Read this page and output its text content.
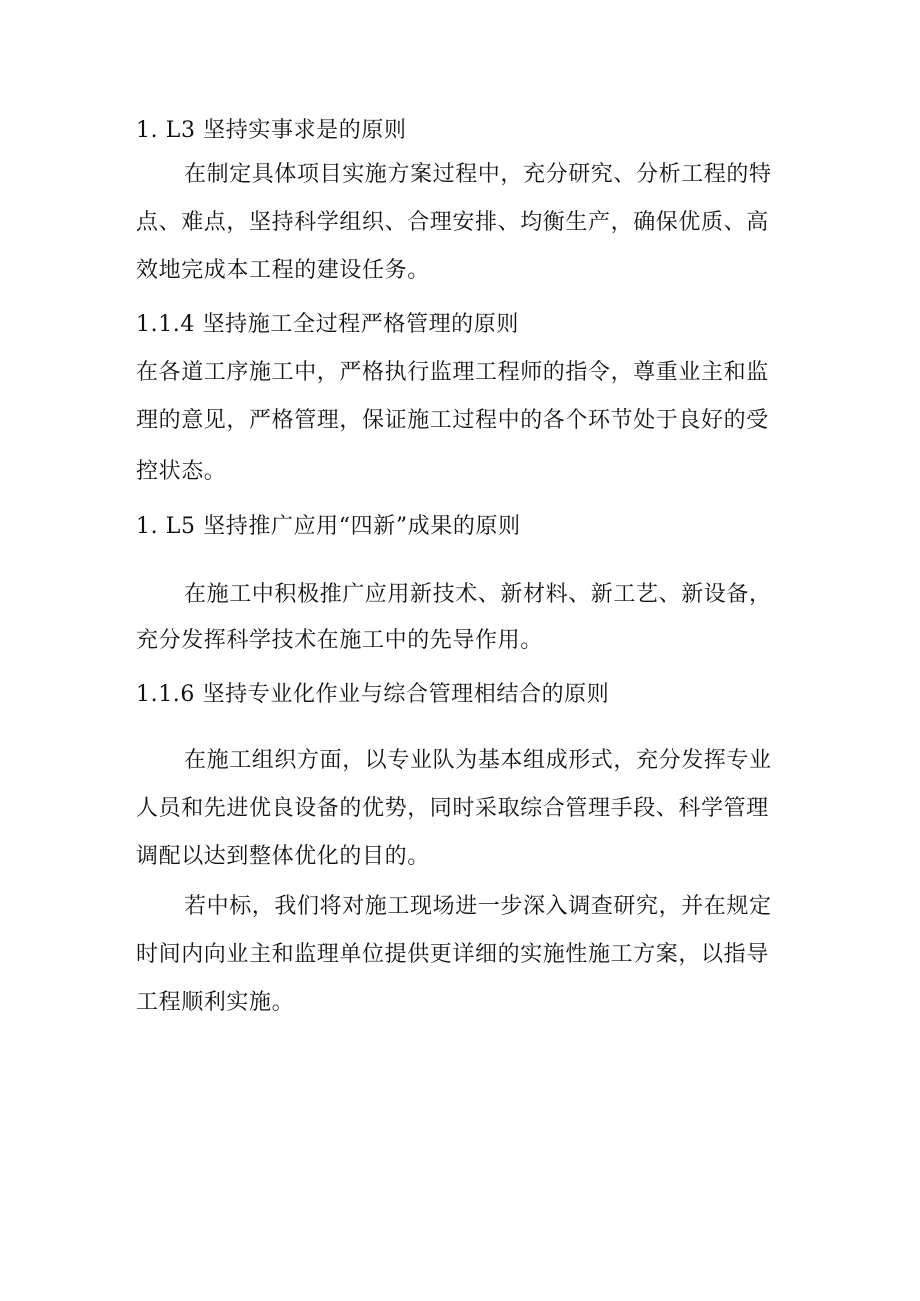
1. L3 坚持实事求是的原则
在制定具体项目实施方案过程中，充分研究、分析工程的特
点、难点，坚持科学组织、合理安排、均衡生产，确保优质、高
效地完成本工程的建设任务。
1.1.4 坚持施工全过程严格管理的原则
在各道工序施工中，严格执行监理工程师的指令，尊重业主和监
理的意见，严格管理，保证施工过程中的各个环节处于良好的受
控状态。
1. L5 坚持推广应用“四新”成果的原则
在施工中积极推广应用新技术、新材料、新工艺、新设备，
充分发挥科学技术在施工中的先导作用。
1.1.6 坚持专业化作业与综合管理相结合的原则
在施工组织方面，以专业队为基本组成形式，充分发挥专业
人员和先进优良设备的优势，同时采取综合管理手段、科学管理
调配以达到整体优化的目的。
若中标，我们将对施工现场进一步深入调查研究，并在规定
时间内向业主和监理单位提供更详细的实施性施工方案，以指导
工程顺利实施。
